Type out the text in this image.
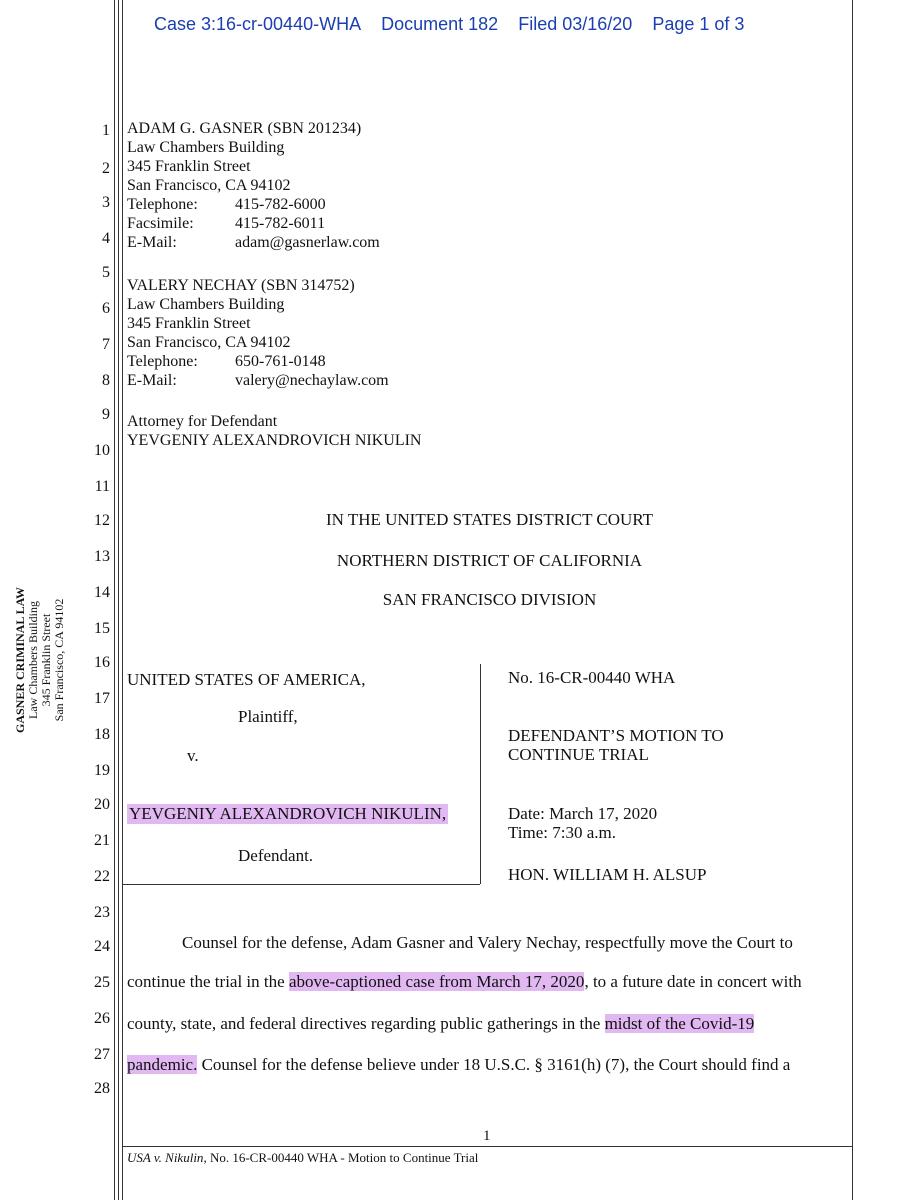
Case 3:16-cr-00440-WHA Document 182 Filed 03/16/20 Page 1 of 3
GASNER CRIMINAL LAW Law Chambers Building 345 Franklin Street San Francisco, CA 94102
1
2
3
4
5
6
7
8
9
10
11
12
13
14
15
16
17
18
19
20
21
22
23
24
25
26
27
28
ADAM G. GASNER (SBN 201234)
Law Chambers Building
345 Franklin Street
San Francisco, CA 94102
Telephone: 415-782-6000
Facsimile:	415-782-6011
E-Mail:	adam@gasnerlaw.com
VALERY NECHAY (SBN 314752)
Law Chambers Building
345 Franklin Street
San Francisco, CA 94102
Telephone: 650-761-0148
E-Mail:	valery@nechaylaw.com
Attorney for Defendant
YEVGENIY ALEXANDROVICH NIKULIN
IN THE UNITED STATES DISTRICT COURT
NORTHERN DISTRICT OF CALIFORNIA
SAN FRANCISCO DIVISION
UNITED STATES OF AMERICA,
Plaintiff,
v.
YEVGENIY ALEXANDROVICH NIKULIN,
Defendant.
No. 16-CR-00440 WHA
DEFENDANT’S MOTION TO
CONTINUE TRIAL
Date: March 17, 2020
Time: 7:30 a.m.
HON. WILLIAM H. ALSUP
Counsel for the defense, Adam Gasner and Valery Nechay, respectfully move the Court to
continue the trial in the above-captioned case from March 17, 2020, to a future date in concert with
county, state, and federal directives regarding public gatherings in the midst of the Covid-19
pandemic. Counsel for the defense believe under 18 U.S.C. § 3161(h) (7), the Court should find a
1
USA v. Nikulin, No. 16-CR-00440 WHA - Motion to Continue Trial
